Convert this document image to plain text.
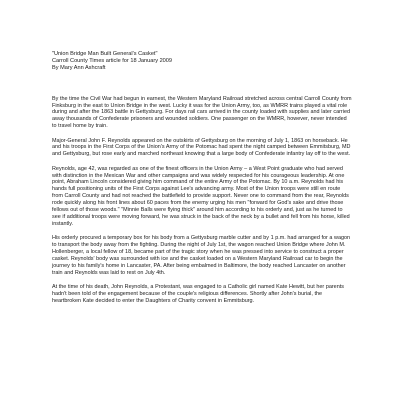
"Union Bridge Man Built General's Casket"
Carroll County Times article for 18 January 2009
By Mary Ann Ashcraft

By the time the Civil War had begun in earnest, the Western Maryland Railroad stretched across central Carroll County from Finksburg in the east to Union Bridge in the west. Lucky it was for the Union Army, too, as WMRR trains played a vital role during and after the 1863 battle in Gettysburg. For days rail cars arrived in the county loaded with supplies and later carried away thousands of Confederate prisoners and wounded soldiers. One passenger on the WMRR, however, never intended to travel home by train.

Major-General John F. Reynolds appeared on the outskirts of Gettysburg on the morning of July 1, 1863 on horseback. He and his troops in the First Corps of the Union's Army of the Potomac had spent the night camped between Emmitsburg, MD and Gettysburg, but rose early and marched northeast knowing that a large body of Confederate infantry lay off to the west.

Reynolds, age 42, was regarded as one of the finest officers in the Union Army – a West Point graduate who had served with distinction in the Mexican War and other campaigns and was widely respected for his courageous leadership. At one point, Abraham Lincoln considered giving him command of the entire Army of the Potomac. By 10 a.m. Reynolds had his hands full positioning units of the First Corps against Lee's advancing army. Most of the Union troops were still en route from Carroll County and had not reached the battlefield to provide support. Never one to command from the rear, Reynolds rode quickly along his front lines about 60 paces from the enemy urging his men "forward for God's sake and drive those fellows out of those woods." "Minnie Balls were flying thick" around him according to his orderly and, just as he turned to see if additional troops were moving forward, he was struck in the back of the neck by a bullet and fell from his horse, killed instantly.

His orderly procured a temporary box for his body from a Gettysburg marble cutter and by 1 p.m. had arranged for a wagon to transport the body away from the fighting. During the night of July 1st, the wagon reached Union Bridge where John M. Hollenberger, a local fellow of 18, became part of the tragic story when he was pressed into service to construct a proper casket. Reynolds' body was surrounded with ice and the casket loaded on a Western Maryland Railroad car to begin the journey to his family's home in Lancaster, PA. After being embalmed in Baltimore, the body reached Lancaster on another train and Reynolds was laid to rest on July 4th.

At the time of his death, John Reynolds, a Protestant, was engaged to a Catholic girl named Kate Hewitt, but her parents hadn't been told of the engagement because of the couple's religious differences. Shortly after John's burial, the heartbroken Kate decided to enter the Daughters of Charity convent in Emmitsburg.
